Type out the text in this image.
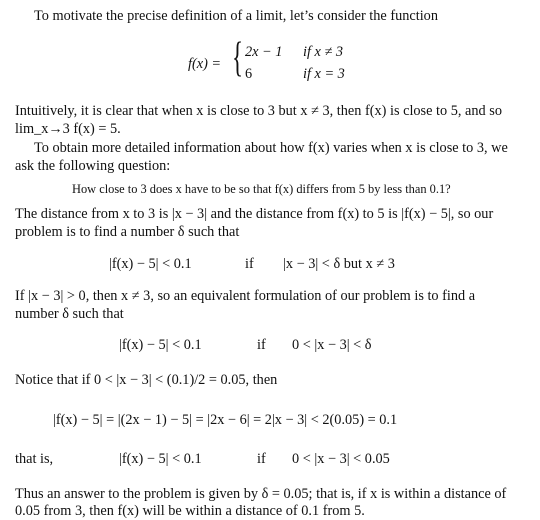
To motivate the precise definition of a limit, let’s consider the function
f(x) = { 2x − 1 if x ≠ 3
6	if x = 3
Intuitively, it is clear that when x is close to 3 but x ≠ 3, then f(x) is close to 5, and so
lim_x→3 f(x) = 5.
To obtain more detailed information about how f(x) varies when x is close to 3, we
ask the following question:
How close to 3 does x have to be so that f(x) differs from 5 by less than 0.1?
The distance from x to 3 is |x − 3| and the distance from f(x) to 5 is |f(x) − 5|, so our
problem is to find a number δ such that
|f(x) − 5| < 0.1	if |x − 3| < δ but x ≠ 3
If |x − 3| > 0, then x ≠ 3, so an equivalent formulation of our problem is to find a
number δ such that
|f(x) − 5| < 0.1	if 0 < |x − 3| < δ
Notice that if 0 < |x − 3| < (0.1)/2 = 0.05, then
|f(x) − 5| = |(2x − 1) − 5| = |2x − 6| = 2|x − 3| < 2(0.05) = 0.1
that is,	|f(x) − 5| < 0.1	if 0 < |x − 3| < 0.05
Thus an answer to the problem is given by δ = 0.05; that is, if x is within a distance of
0.05 from 3, then f(x) will be within a distance of 0.1 from 5.
